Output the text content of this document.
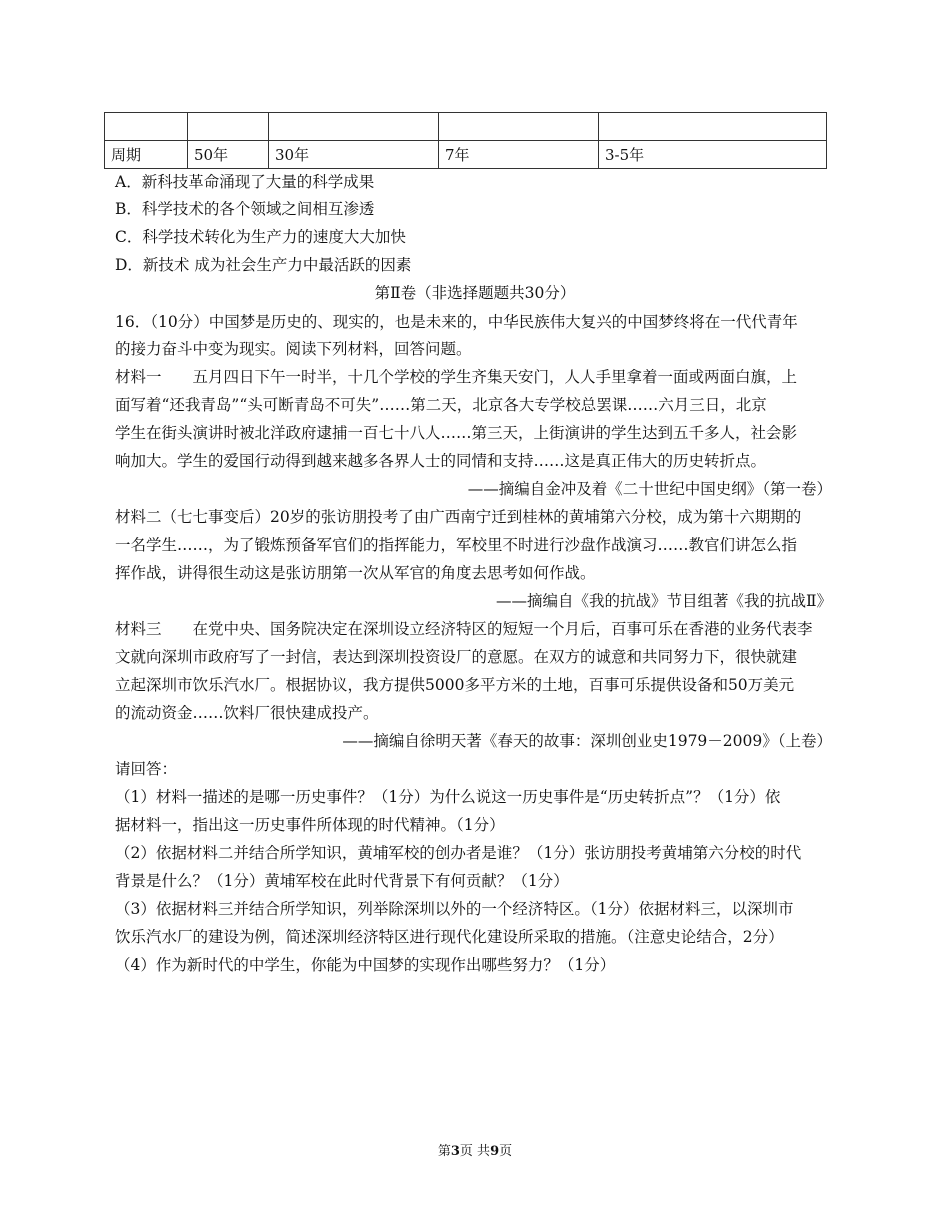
周期	50年	30年	7年	3-5年
A．新科技革命涌现了大量的科学成果
B．科学技术的各个领域之间相互渗透
C．科学技术转化为生产力的速度大大加快
D．新技术 成为社会生产力中最活跃的因素
第Ⅱ卷（非选择题题共30分）
16．（10分）中国梦是历史的、现实的，也是未来的，中华民族伟大复兴的中国梦终将在一代代青年
的接力奋斗中变为现实。阅读下列材料，回答问题。
材料一　　五月四日下午一时半，十几个学校的学生齐集天安门，人人手里拿着一面或两面白旗，上
面写着“还我青岛”“头可断青岛不可失”……第二天，北京各大专学校总罢课……六月三日，北京
学生在街头演讲时被北洋政府逮捕一百七十八人……第三天，上街演讲的学生达到五千多人，社会影
响加大。学生的爱国行动得到越来越多各界人士的同情和支持……这是真正伟大的历史转折点。
——摘编自金冲及着《二十世纪中国史纲》（第一卷）
材料二（七七事变后）20岁的张访朋投考了由广西南宁迁到桂林的黄埔第六分校，成为第十六期期的
一名学生……，为了锻炼预备军官们的指挥能力，军校里不时进行沙盘作战演习……教官们讲怎么指
挥作战，讲得很生动这是张访朋第一次从军官的角度去思考如何作战。
——摘编自《我的抗战》节目组著《我的抗战Ⅱ》
材料三　　在党中央、国务院决定在深圳设立经济特区的短短一个月后，百事可乐在香港的业务代表李
文就向深圳市政府写了一封信，表达到深圳投资设厂的意愿。在双方的诚意和共同努力下，很快就建
立起深圳市饮乐汽水厂。根据协议，我方提供5000多平方米的土地，百事可乐提供设备和50万美元
的流动资金……饮料厂很快建成投产。
——摘编自徐明天著《春天的故事：深圳创业史1979－2009》（上卷）
请回答：
（1）材料一描述的是哪一历史事件？（1分）为什么说这一历史事件是“历史转折点”？（1分）依
据材料一，指出这一历史事件所体现的时代精神。（1分）
（2）依据材料二并结合所学知识，黄埔军校的创办者是谁？（1分）张访朋投考黄埔第六分校的时代
背景是什么？（1分）黄埔军校在此时代背景下有何贡献？（1分）
（3）依据材料三并结合所学知识，列举除深圳以外的一个经济特区。（1分）依据材料三，以深圳市
饮乐汽水厂的建设为例，简述深圳经济特区进行现代化建设所采取的措施。（注意史论结合，2分）
（4）作为新时代的中学生，你能为中国梦的实现作出哪些努力？（1分）
第3页 共9页
